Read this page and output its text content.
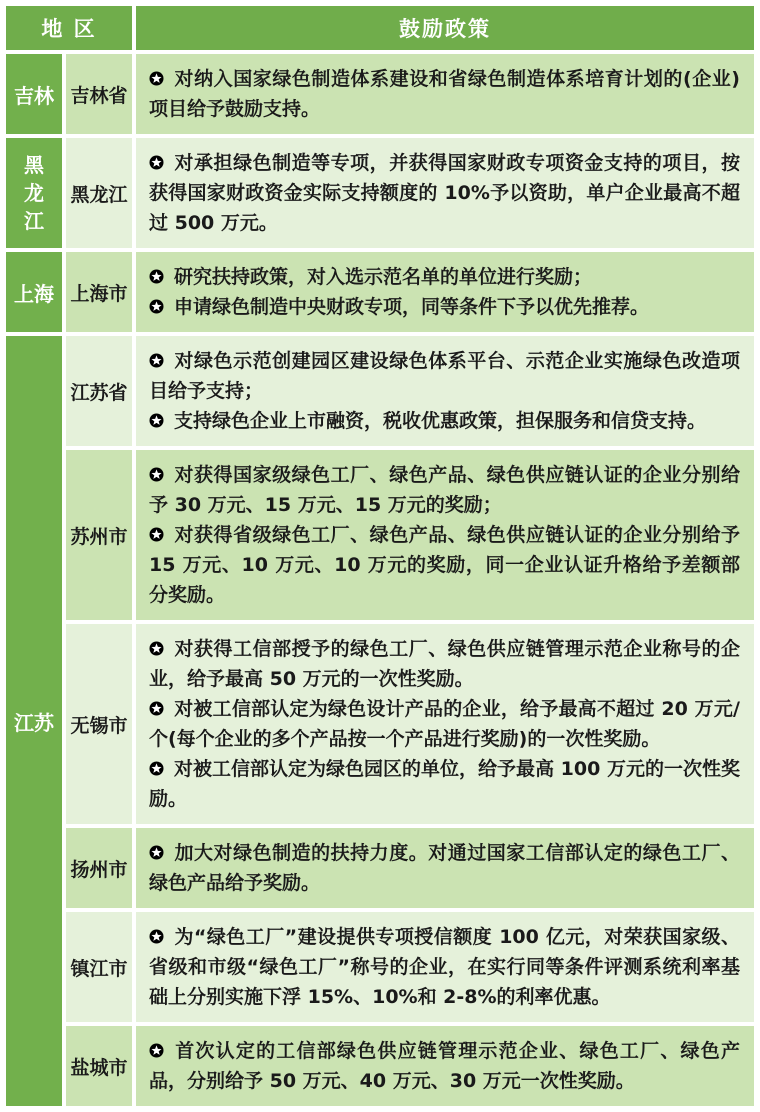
地 区		鼓励政策
吉林	吉林省	对纳入国家绿色制造体系建设和省绿色制造体系培育计划的(企业)项目给予鼓励支持。

黑龙江	黑龙江	对承担绿色制造等专项，并获得国家财政专项资金支持的项目，按获得国家财政资金实际支持额度的 10%予以资助，单户企业最高不超过 500 万元。

上海	上海市	研究扶持政策，对入选示范名单的单位进行奖励；
申请绿色制造中央财政专项，同等条件下予以优先推荐。

江苏	江苏省	对绿色示范创建园区建设绿色体系平台、示范企业实施绿色改造项目给予支持；
支持绿色企业上市融资，税收优惠政策，担保服务和信贷支持。

	苏州市	对获得国家级绿色工厂、绿色产品、绿色供应链认证的企业分别给予 30 万元、15 万元、15 万元的奖励；
对获得省级绿色工厂、绿色产品、绿色供应链认证的企业分别给予 15 万元、10 万元、10 万元的奖励，同一企业认证升格给予差额部分奖励。

	无锡市	对获得工信部授予的绿色工厂、绿色供应链管理示范企业称号的企业，给予最高 50 万元的一次性奖励。
对被工信部认定为绿色设计产品的企业，给予最高不超过 20 万元/个(每个企业的多个产品按一个产品进行奖励)的一次性奖励。
对被工信部认定为绿色园区的单位，给予最高 100 万元的一次性奖励。

	扬州市	加大对绿色制造的扶持力度。对通过国家工信部认定的绿色工厂、绿色产品给予奖励。

	镇江市	为“绿色工厂”建设提供专项授信额度 100 亿元，对荣获国家级、省级和市级“绿色工厂”称号的企业，在实行同等条件评测系统利率基础上分别实施下浮 15%、10%和 2-8%的利率优惠。

	盐城市	首次认定的工信部绿色供应链管理示范企业、绿色工厂、绿色产品，分别给予 50 万元、40 万元、30 万元一次性奖励。
